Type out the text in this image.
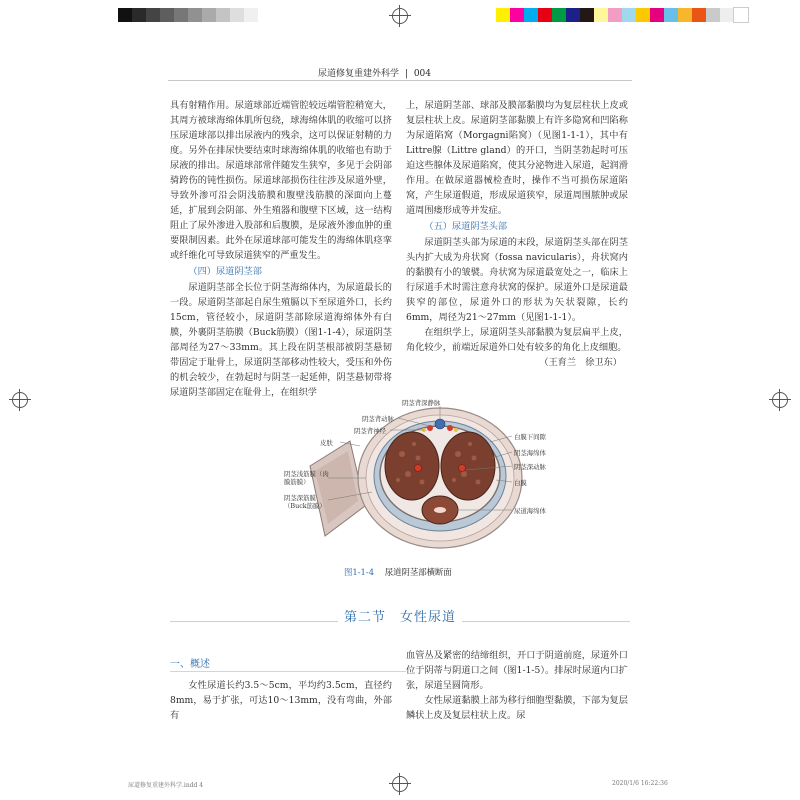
尿道修复重建外科学 | 004

具有射精作用。尿道球部近端管腔较远端管腔稍宽大，其周方被球海绵体肌所包绕，球海绵体肌的收缩可以挤压尿道球部以排出尿液内的残余，这可以保证射精的力度。另外在排尿快要结束时球海绵体肌的收缩也有助于尿液的排出。尿道球部常伴随发生狭窄，多见于会阴部骑跨伤的钝性损伤。尿道球部损伤往往涉及尿道外壁，导致外渗可沿会阴浅筋膜和腹壁浅筋膜的深面向上蔓延，扩展到会阴部、外生殖器和腹壁下区域，这一结构阻止了尿外渗进入股部和后腹膜，是尿液外渗血肿的重要限制因素。此外在尿道球部可能发生的海绵体肌痉挛或纤维化可导致尿道狭窄的严重发生。

（四）尿道阴茎部

尿道阴茎部全长位于阴茎海绵体内，为尿道最长的一段。尿道阴茎部起自尿生殖膈以下至尿道外口，长约15cm，管径较小，尿道阴茎部除尿道海绵体外有白膜，外裹阴茎筋膜（Buck筋膜）（图1-1-4），尿道阴茎部周径为27～33mm。其上段在阴茎根部被阴茎悬韧带固定于耻骨上，尿道阴茎部移动性较大，受压和外伤的机会较少，在勃起时与阴茎一起延伸，阴茎悬韧带将尿道阴茎部固定在耻骨上，在组织学

上，尿道阴茎部、球部及膜部黏膜均为复层柱状上皮或复层柱状上皮。尿道阴茎部黏膜上有许多隐窝和凹陷称为尿道陷窝（Morgagni陷窝）（见图1-1-1），其中有Littre腺（Littre gland）的开口，当阴茎勃起时可压迫这些腺体及尿道陷窝，使其分泌物进入尿道，起润滑作用。在做尿道器械检查时，操作不当可损伤尿道陷窝，产生尿道假道，形成尿道狭窄，尿道周围脓肿或尿道周围瘘形成等并发症。

（五）尿道阴茎头部

尿道阴茎头部为尿道的末段，尿道阴茎头部在阴茎头内扩大成为舟状窝（fossa navicularis），舟状窝内的黏膜有小的皱襞。舟状窝为尿道最宽处之一，临床上行尿道手术时需注意舟状窝的保护。尿道外口是尿道最狭窄的部位，尿道外口的形状为矢状裂隙，长约6mm，周径为21～27mm（见图1-1-1）。

在组织学上，尿道阴茎头部黏膜为复层扁平上皮，角化较少，前端近尿道外口处有较多的角化上皮细胞。

（王育兰　徐卫东）
阴茎背深静脉
阴茎背动脉
阴茎背神经
皮肤
阴茎浅筋膜（肉膜筋膜）
阴茎深筋膜（Buck筋膜）
白膜下间隙
阴茎海绵体
阴茎深动脉
白膜
尿道海绵体
图1-1-4 尿道阴茎部横断面
第二节　女性尿道
一、概述

女性尿道长约3.5～5cm，平均约3.5cm，直径约8mm，易于扩张，可达10～13mm，没有弯曲，外部有

血管丛及紧密的结缔组织，开口于阴道前庭，尿道外口位于阴蒂与阴道口之间（图1-1-5）。排尿时尿道内口扩张，尿道呈圆筒形。

女性尿道黏膜上部为移行细胞型黏膜，下部为复层鳞状上皮及复层柱状上皮。尿

尿道修复重建外科学.indd 4	2020/1/6 16:22:36
